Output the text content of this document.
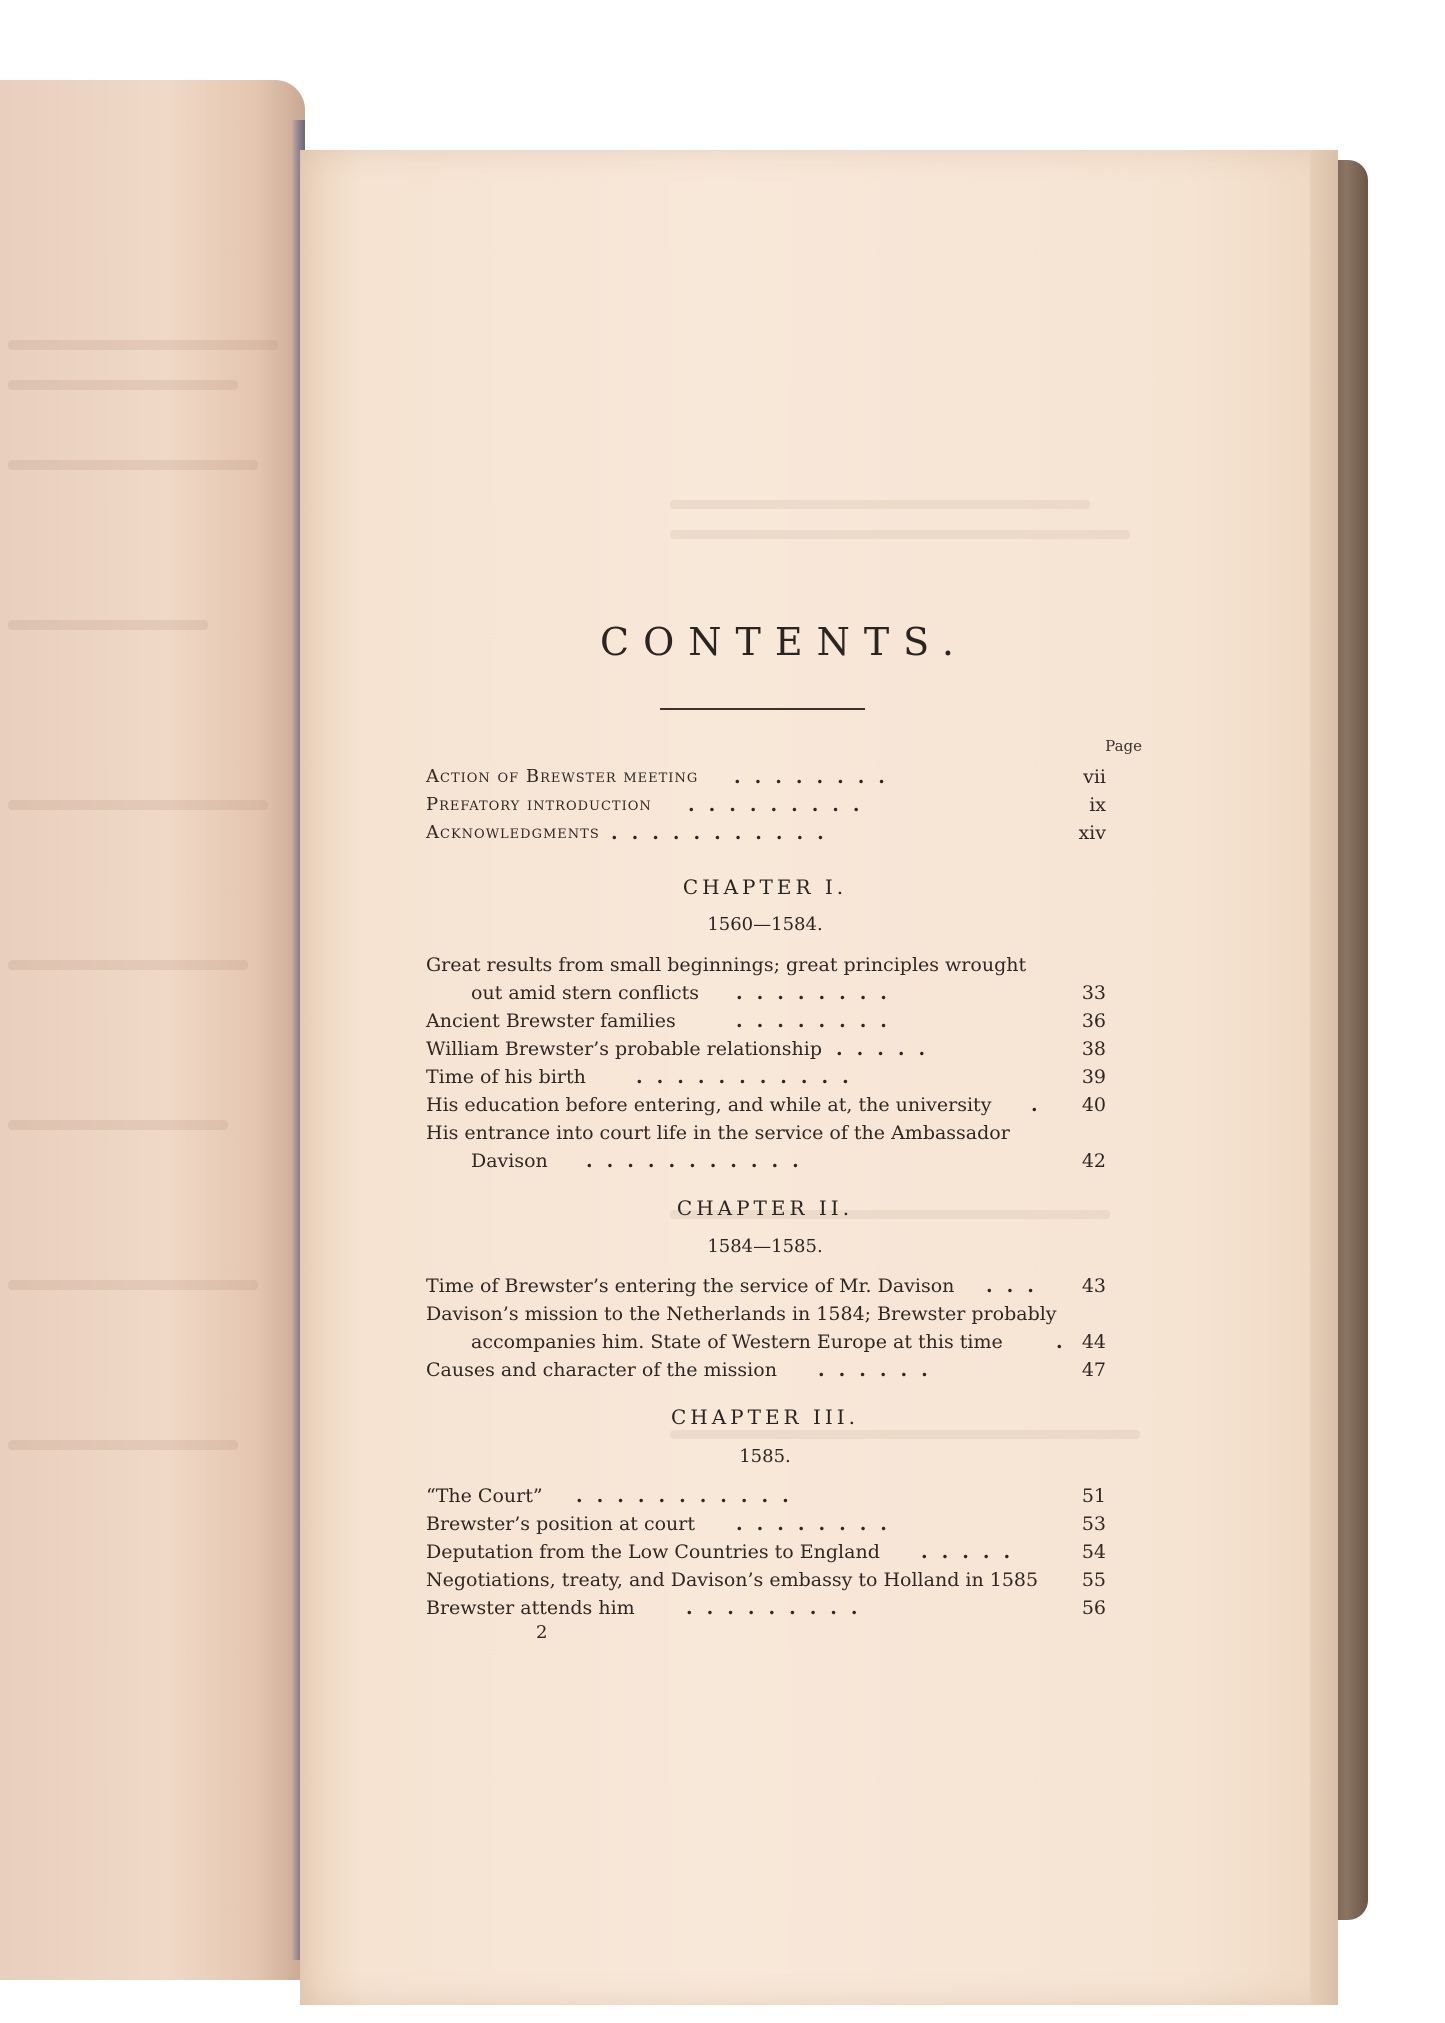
CONTENTS.
Page
Action of Brewster meeting ........	vii
Prefatory introduction .........	ix
Acknowledgments ...........	xiv
CHAPTER I.
1560—1584.
Great results from small beginnings; great principles wrought
out amid stern conflicts ........	33
Ancient Brewster families	........	36
William Brewster’s probable relationship .....	38
Time of his birth	...........	39
His education before entering, and while at, the university .	40
His entrance into court life in the service of the Ambassador
Davison ...........	42
CHAPTER II.
1584—1585.
Time of Brewster’s entering the service of Mr. Davison ...	43
Davison’s mission to the Netherlands in 1584; Brewster probably
accompanies him. State of Western Europe at this time	. 44
Causes and character of the mission ......	47
CHAPTER III.
1585.
“The Court” ...........	51
Brewster’s position at court ........	53
Deputation from the Low Countries to England .....	54
Negotiations, treaty, and Davison’s embassy to Holland in 1585	55
Brewster attends him	.........	56
2
